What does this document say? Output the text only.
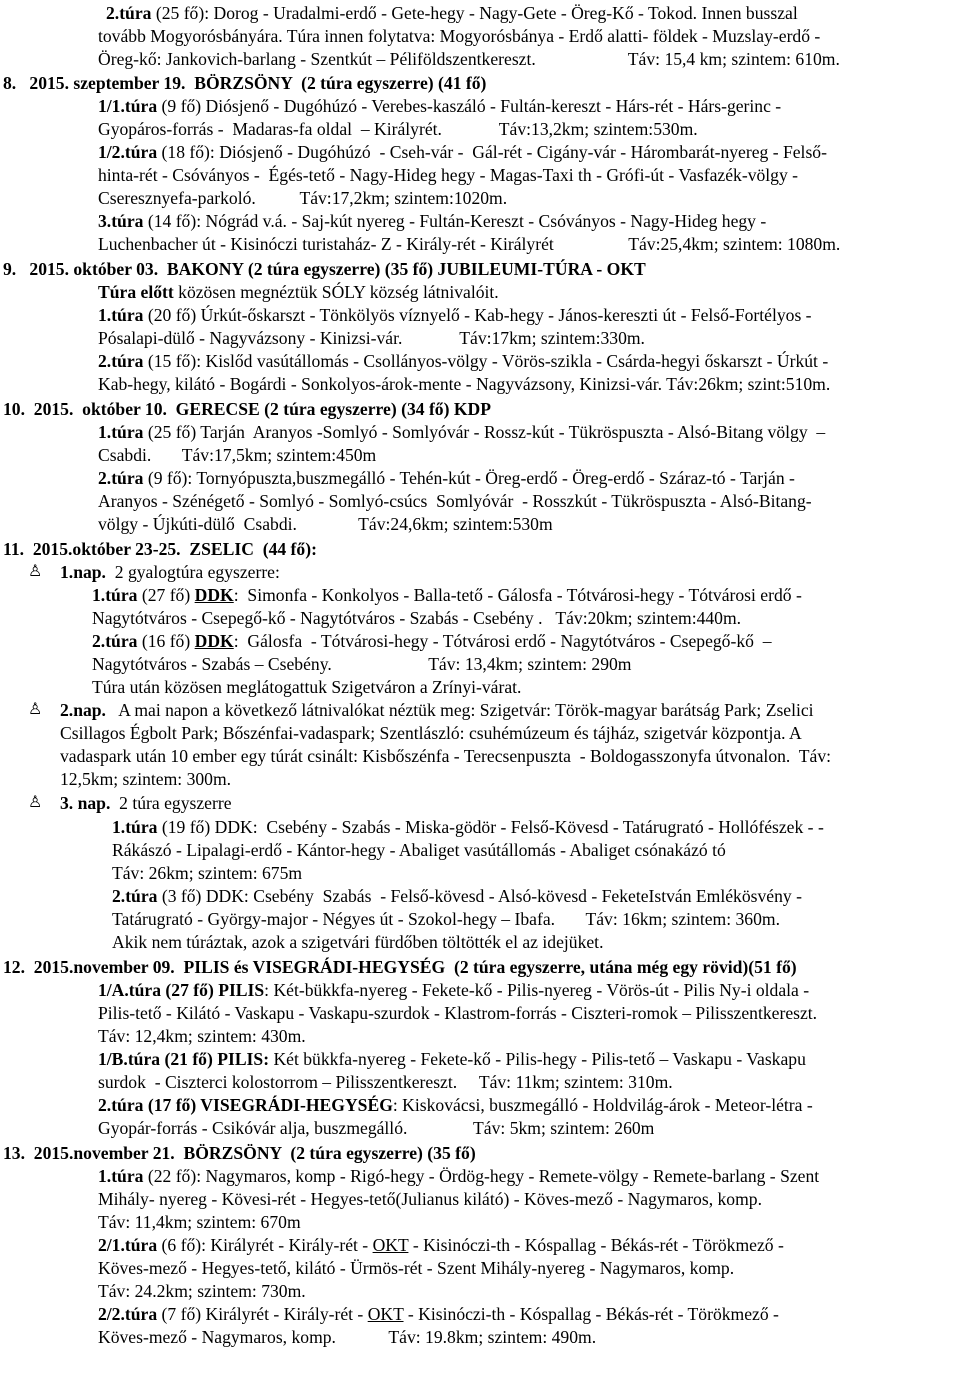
2.túra (25 fő): Dorog - Uradalmi-erdő - Gete-hegy - Nagy-Gete - Öreg-Kő - Tokod. Innen busszal
tovább Mogyorósbányára. Túra innen folytatva: Mogyorósbánya - Erdő alatti- földek - Muzslay-erdő -
Öreg-kő: Jankovich-barlang - Szentkút – Péliföldszentkereszt.                     Táv: 15,4 km; szintem: 610m.
8.   2015. szeptember 19.  BÖRZSÖNY  (2 túra egyszerre) (41 fő)
1/1.túra (9 fő) Diósjenő - Dugóhúzó - Verebes-kaszáló - Fultán-kereszt - Hárs-rét - Hárs-gerinc -
Gyopáros-forrás -  Madaras-fa oldal  – Királyrét.             Táv:13,2km; szintem:530m.
1/2.túra (18 fő): Diósjenő - Dugóhúzó  - Cseh-vár -  Gál-rét - Cigány-vár - Hárombarát-nyereg - Felső-
hinta-rét - Csóványos -  Égés-tető - Nagy-Hideg hegy - Magas-Taxi th - Grófi-út - Vasfazék-völgy -
Cseresznyefa-parkoló.          Táv:17,2km; szintem:1020m.
3.túra (14 fő): Nógrád v.á. - Saj-kút nyereg - Fultán-Kereszt - Csóványos - Nagy-Hideg hegy -
Luchenbacher út - Kisinóczi turistaház- Z - Király-rét - Királyrét                 Táv:25,4km; szintem: 1080m.
9.   2015. október 03.  BAKONY (2 túra egyszerre) (35 fő) JUBILEUMI-TÚRA - OKT
Túra előtt közösen megnéztük SÓLY község látnivalóit.
1.túra (20 fő) Úrkút-őskarszt - Tönkölyös víznyelő - Kab-hegy - János-kereszti út - Felső-Fortélyos -
Pósalapi-dülő - Nagyvázsony - Kinizsi-vár.             Táv:17km; szintem:330m.
2.túra (15 fő): Kislőd vasútállomás - Csollányos-völgy - Vörös-szikla - Csárda-hegyi őskarszt - Úrkút -
Kab-hegy, kilátó - Bogárdi - Sonkolyos-árok-mente - Nagyvázsony, Kinizsi-vár. Táv:26km; szint:510m.
10.  2015.  október 10.  GERECSE (2 túra egyszerre) (34 fő) KDP
1.túra (25 fő) Tarján  Aranyos -Somlyó - Somlyóvár - Rossz-kút - Tükröspuszta - Alsó-Bitang völgy  –
Csabdi.       Táv:17,5km; szintem:450m
2.túra (9 fő): Tornyópuszta,buszmegálló - Tehén-kút - Öreg-erdő - Öreg-erdő - Száraz-tó - Tarján -
Aranyos - Szénégető - Somlyó - Somlyó-csúcs  Somlyóvár  - Rosszkút - Tükröspuszta - Alsó-Bitang-
völgy - Újkúti-dülő  Csabdi.              Táv:24,6km; szintem:530m
11.  2015.október 23-25.  ZSELIC  (44 fő):
1.nap.  2 gyalogtúra egyszerre:
1.túra (27 fő) DDK:  Simonfa - Konkolyos - Balla-tető - Gálosfa - Tótvárosi-hegy - Tótvárosi erdő -
Nagytótváros - Csepegő-kő - Nagytótváros - Szabás - Csebény .   Táv:20km; szintem:440m.
2.túra (16 fő) DDK:  Gálosfa  - Tótvárosi-hegy - Tótvárosi erdő - Nagytótváros - Csepegő-kő  –
Nagytótváros - Szabás – Csebény.                      Táv: 13,4km; szintem: 290m
Túra után közösen meglátogattuk Szigetváron a Zrínyi-várat.
2.nap.   A mai napon a következő látnivalókat néztük meg: Szigetvár: Török-magyar barátság Park; Zselici
Csillagos Égbolt Park; Bőszénfai-vadaspark; Szentlászló: csuhémúzeum és tájház, szigetvár központja. A
vadaspark után 10 ember egy túrát csinált: Kisbőszénfa - Terecsenpuszta  - Boldogasszonyfa útvonalon.  Táv:
12,5km; szintem: 300m.
3. nap.  2 túra egyszerre
1.túra (19 fő) DDK:  Csebény - Szabás - Miska-gödör - Felső-Kövesd - Tatárugrató - Hollófészek - -
Rákászó - Lipalagi-erdő - Kántor-hegy - Abaliget vasútállomás - Abaliget csónakázó tó
Táv: 26km; szintem: 675m
2.túra (3 fő) DDK: Csebény  Szabás  - Felső-kövesd - Alsó-kövesd - FeketeIstván Emlékösvény -
Tatárugrató - György-major - Négyes út - Szokol-hegy – Ibafa.       Táv: 16km; szintem: 360m.
Akik nem túráztak, azok a szigetvári fürdőben töltötték el az idejüket.
12.  2015.november 09.  PILIS és VISEGRÁDI-HEGYSÉG  (2 túra egyszerre, utána még egy rövid)(51 fő)
1/A.túra (27 fő) PILIS: Két-bükkfa-nyereg - Fekete-kő - Pilis-nyereg - Vörös-út - Pilis Ny-i oldala -
Pilis-tető - Kilátó - Vaskapu - Vaskapu-szurdok - Klastrom-forrás - Ciszteri-romok – Pilisszentkereszt.
Táv: 12,4km; szintem: 430m.
1/B.túra (21 fő) PILIS: Két bükkfa-nyereg - Fekete-kő - Pilis-hegy - Pilis-tető – Vaskapu - Vaskapu
surdok  - Ciszterci kolostorrom – Pilisszentkereszt.     Táv: 11km; szintem: 310m.
2.túra (17 fő) VISEGRÁDI-HEGYSÉG: Kiskovácsi, buszmegálló - Holdvilág-árok - Meteor-létra -
Gyopár-forrás - Csikóvár alja, buszmegálló.               Táv: 5km; szintem: 260m
13.  2015.november 21.  BÖRZSÖNY  (2 túra egyszerre) (35 fő)
1.túra (22 fő): Nagymaros, komp - Rigó-hegy - Ördög-hegy - Remete-völgy - Remete-barlang - Szent
Mihály- nyereg - Kövesi-rét - Hegyes-tető(Julianus kilátó) - Köves-mező - Nagymaros, komp.
Táv: 11,4km; szintem: 670m
2/1.túra (6 fő): Királyrét - Király-rét - OKT - Kisinóczi-th - Kóspallag - Békás-rét - Törökmező -
Köves-mező - Hegyes-tető, kilátó - Ürmös-rét - Szent Mihály-nyereg - Nagymaros, komp.
Táv: 24.2km; szintem: 730m.
2/2.túra (7 fő) Királyrét - Király-rét - OKT - Kisinóczi-th - Kóspallag - Békás-rét - Törökmező -
Köves-mező - Nagymaros, komp.            Táv: 19.8km; szintem: 490m.
♙
♙
♙
